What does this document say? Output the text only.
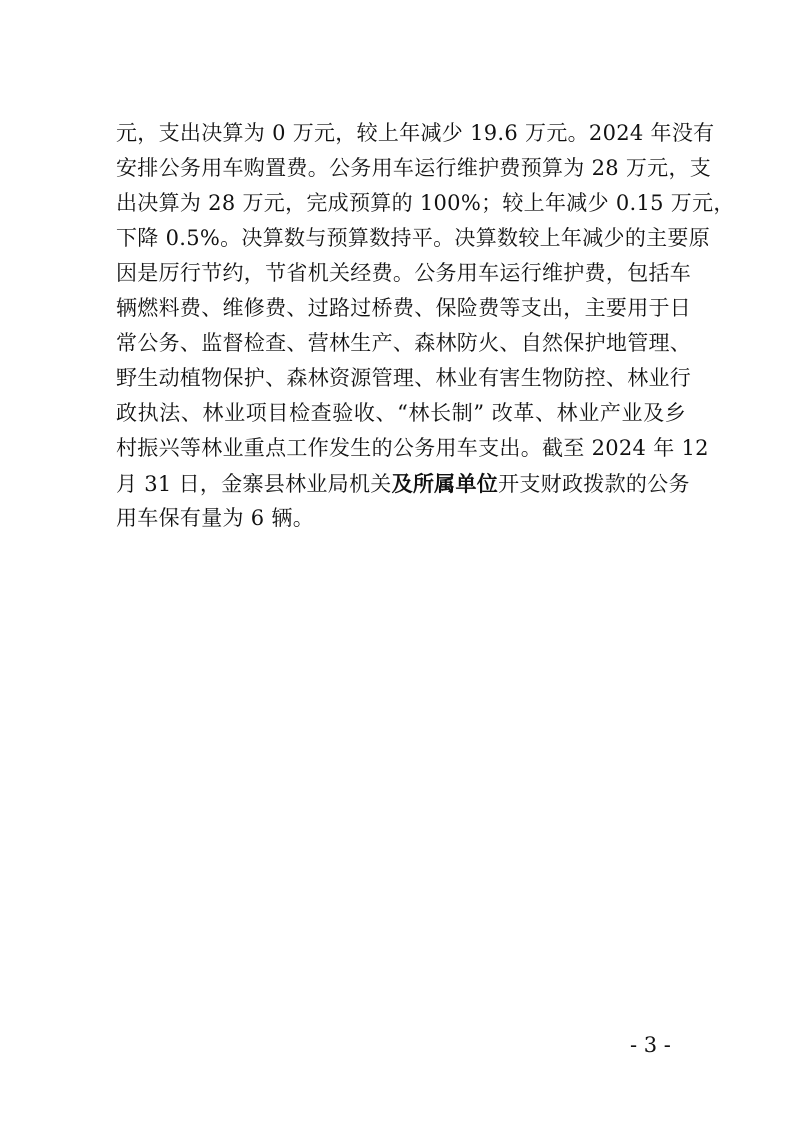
元，支出决算为 0 万元，较上年减少 19.6 万元。2024 年没有
安排公务用车购置费。公务用车运行维护费预算为 28 万元，支
出决算为 28 万元，完成预算的 100%；较上年减少 0.15 万元，
下降 0.5%。决算数与预算数持平。决算数较上年减少的主要原
因是厉行节约，节省机关经费。公务用车运行维护费，包括车
辆燃料费、维修费、过路过桥费、保险费等支出，主要用于日
常公务、监督检查、营林生产、森林防火、自然保护地管理、
野生动植物保护、森林资源管理、林业有害生物防控、林业行
政执法、林业项目检查验收、“林长制” 改革、林业产业及乡
村振兴等林业重点工作发生的公务用车支出。截至 2024 年 12
月 31 日，金寨县林业局机关及所属单位开支财政拨款的公务
用车保有量为 6 辆。
- 3 -
